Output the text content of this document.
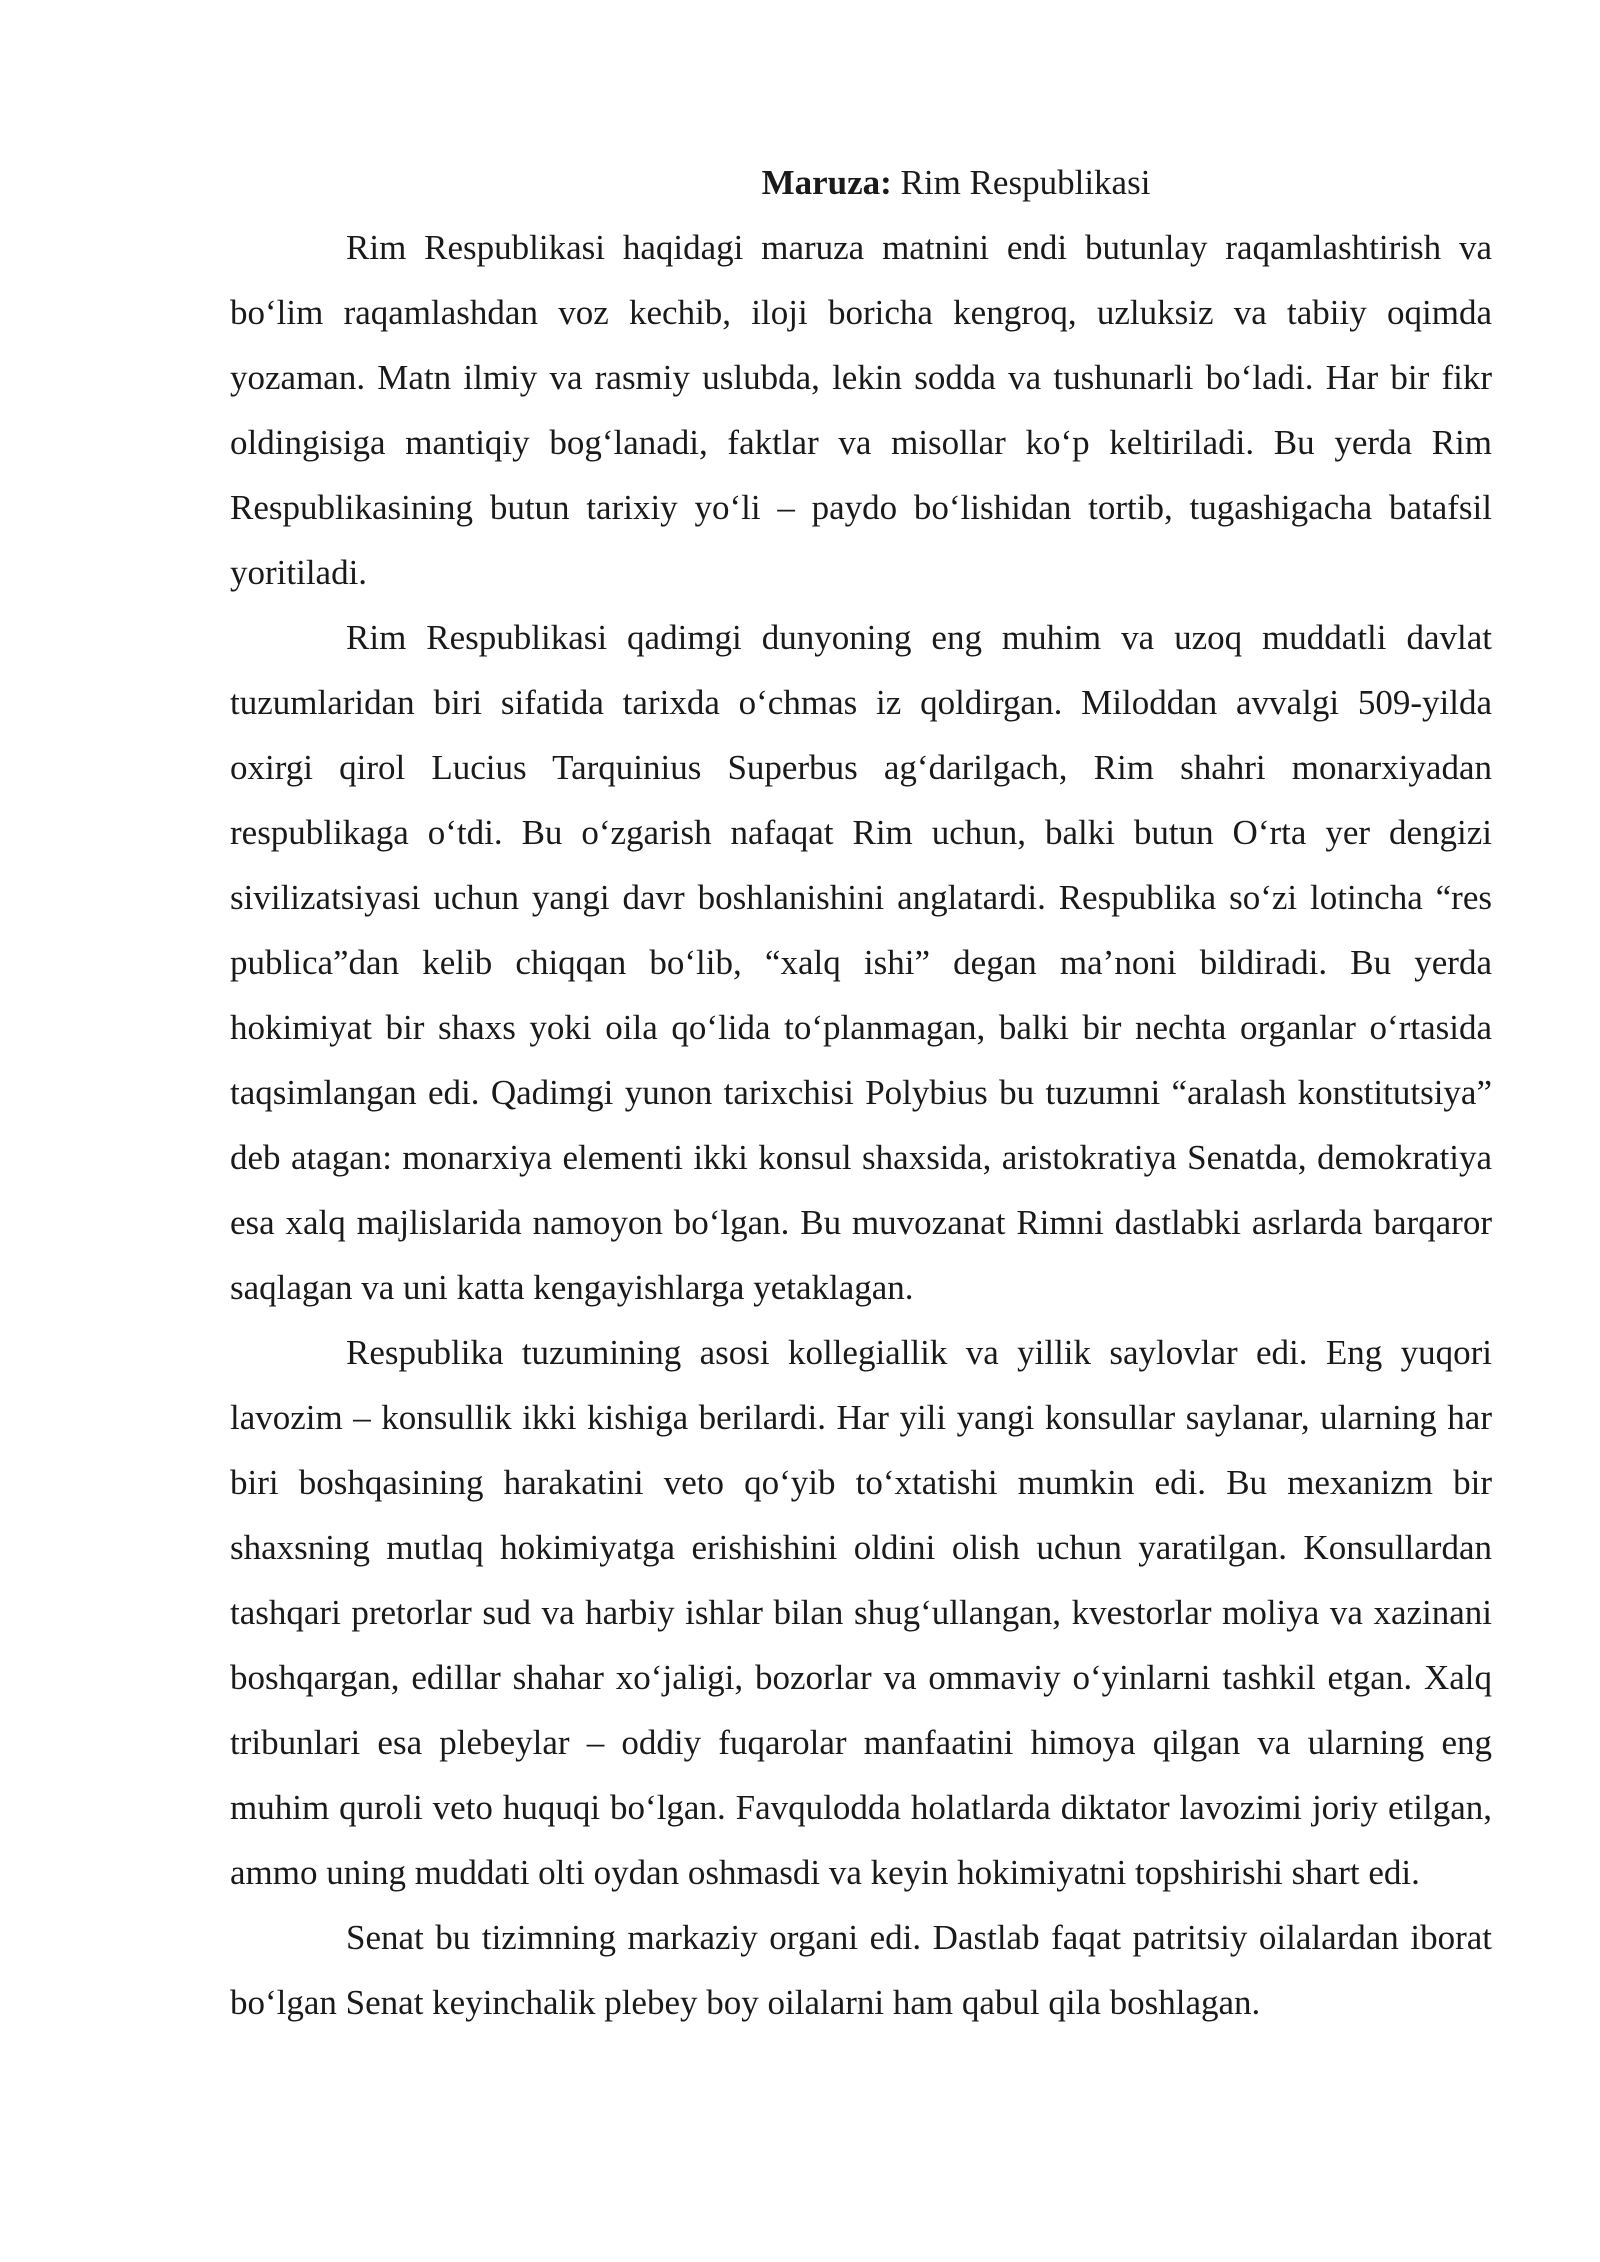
Maruza: Rim Respublikasi

Rim Respublikasi haqidagi maruza matnini endi butunlay raqamlashtirish va bo‘lim raqamlashdan voz kechib, iloji boricha kengroq, uzluksiz va tabiiy oqimda yozaman. Matn ilmiy va rasmiy uslubda, lekin sodda va tushunarli bo‘ladi. Har bir fikr oldingisiga mantiqiy bog‘lanadi, faktlar va misollar ko‘p keltiriladi. Bu yerda Rim Respublikasining butun tarixiy yo‘li – paydo bo‘lishidan tortib, tugashigacha batafsil yoritiladi.

Rim Respublikasi qadimgi dunyoning eng muhim va uzoq muddatli davlat tuzumlaridan biri sifatida tarixda o‘chmas iz qoldirgan. Miloddan avvalgi 509-yilda oxirgi qirol Lucius Tarquinius Superbus ag‘darilgach, Rim shahri monarxiyadan respublikaga o‘tdi. Bu o‘zgarish nafaqat Rim uchun, balki butun O‘rta yer dengizi sivilizatsiyasi uchun yangi davr boshlanishini anglatardi. Respublika so‘zi lotincha “res publica”dan kelib chiqqan bo‘lib, “xalq ishi” degan ma’noni bildiradi. Bu yerda hokimiyat bir shaxs yoki oila qo‘lida to‘planmagan, balki bir nechta organlar o‘rtasida taqsimlangan edi. Qadimgi yunon tarixchisi Polybius bu tuzumni “aralash konstitutsiya” deb atagan: monarxiya elementi ikki konsul shaxsida, aristokratiya Senatda, demokratiya esa xalq majlislarida namoyon bo‘lgan. Bu muvozanat Rimni dastlabki asrlarda barqaror saqlagan va uni katta kengayishlarga yetaklagan.

Respublika tuzumining asosi kollegiallik va yillik saylovlar edi. Eng yuqori lavozim – konsullik ikki kishiga berilardi. Har yili yangi konsullar saylanar, ularning har biri boshqasining harakatini veto qo‘yib to‘xtatishi mumkin edi. Bu mexanizm bir shaxsning mutlaq hokimiyatga erishishini oldini olish uchun yaratilgan. Konsullardan tashqari pretorlar sud va harbiy ishlar bilan shug‘ullangan, kvestorlar moliya va xazinani boshqargan, edillar shahar xo‘jaligi, bozorlar va ommaviy o‘yinlarni tashkil etgan. Xalq tribunlari esa plebeylar – oddiy fuqarolar manfaatini himoya qilgan va ularning eng muhim quroli veto huquqi bo‘lgan. Favqulodda holatlarda diktator lavozimi joriy etilgan, ammo uning muddati olti oydan oshmasdi va keyin hokimiyatni topshirishi shart edi.

Senat bu tizimning markaziy organi edi. Dastlab faqat patritsiy oilalardan iborat bo‘lgan Senat keyinchalik plebey boy oilalarni ham qabul qila boshlagan.
